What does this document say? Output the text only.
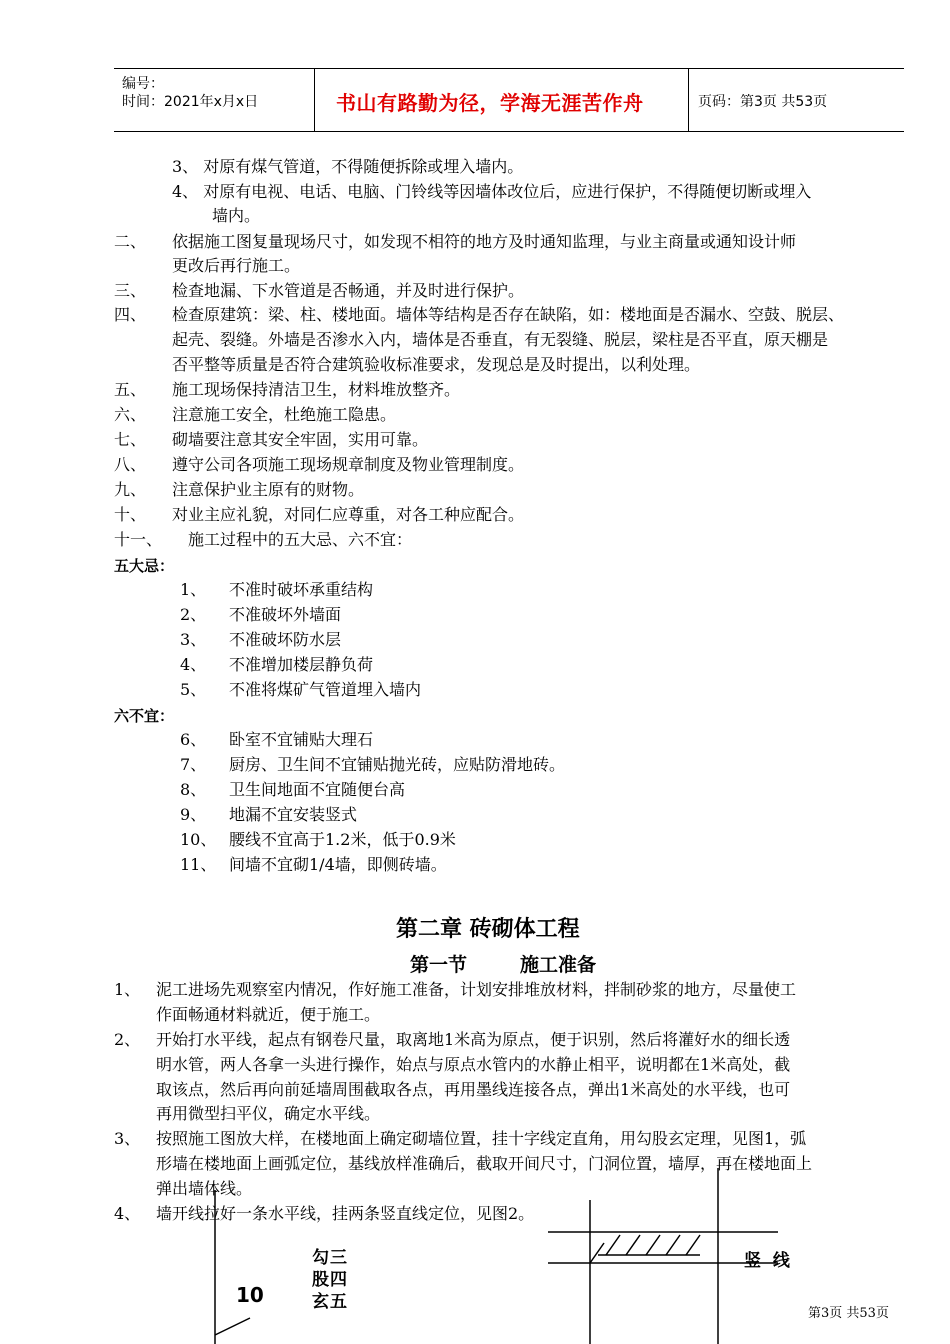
编号：
时间：2021年x月x日	书山有路勤为径，学海无涯苦作舟	页码：第3页 共53页
3、 对原有煤气管道，不得随便拆除或埋入墙内。
4、 对原有电视、电话、电脑、门铃线等因墙体改位后，应进行保护，不得随便切断或埋入
墙内。
二、 依据施工图复量现场尺寸，如发现不相符的地方及时通知监理，与业主商量或通知设计师
更改后再行施工。
三、 检查地漏、下水管道是否畅通，并及时进行保护。
四、 检查原建筑：梁、柱、楼地面。墙体等结构是否存在缺陷，如：楼地面是否漏水、空鼓、脱层、
起壳、裂缝。外墙是否渗水入内，墙体是否垂直，有无裂缝、脱层，梁柱是否平直，原天棚是
否平整等质量是否符合建筑验收标准要求，发现总是及时提出，以利处理。
五、 施工现场保持清洁卫生，材料堆放整齐。
六、 注意施工安全，杜绝施工隐患。
七、 砌墙要注意其安全牢固，实用可靠。
八、 遵守公司各项施工现场规章制度及物业管理制度。
九、 注意保护业主原有的财物。
十、 对业主应礼貌，对同仁应尊重，对各工种应配合。
十一、 施工过程中的五大忌、六不宜：
五大忌：
1、 不准时破坏承重结构
2、 不准破坏外墙面
3、 不准破坏防水层
4、 不准增加楼层静负荷
5、 不准将煤矿气管道埋入墙内
六不宜：
6、 卧室不宜铺贴大理石
7、 厨房、卫生间不宜铺贴抛光砖，应贴防滑地砖。
8、 卫生间地面不宜随便台高
9、 地漏不宜安装竖式
10、 腰线不宜高于1.2米，低于0.9米
11、 间墙不宜砌1/4墙，即侧砖墙。
第二章 砖砌体工程
第一节	施工准备
1、 泥工进场先观察室内情况，作好施工准备，计划安排堆放材料，拌制砂浆的地方，尽量使工
作面畅通材料就近，便于施工。
2、 开始打水平线，起点有钢卷尺量，取离地1米高为原点，便于识别，然后将灌好水的细长透
明水管，两人各拿一头进行操作，始点与原点水管内的水静止相平，说明都在1米高处，截
取该点，然后再向前延墙周围截取各点，再用墨线连接各点，弹出1米高处的水平线，也可
再用微型扫平仪，确定水平线。
3、 按照施工图放大样，在楼地面上确定砌墙位置，挂十字线定直角，用勾股玄定理，见图1，弧
形墙在楼地面上画弧定位，基线放样准确后，截取开间尺寸，门洞位置，墙厚，再在楼地面上
弹出墙体线。
4、 墙开线拉好一条水平线，挂两条竖直线定位，见图2。
10
勾股玄
三四五
竖  线
第3页 共53页
